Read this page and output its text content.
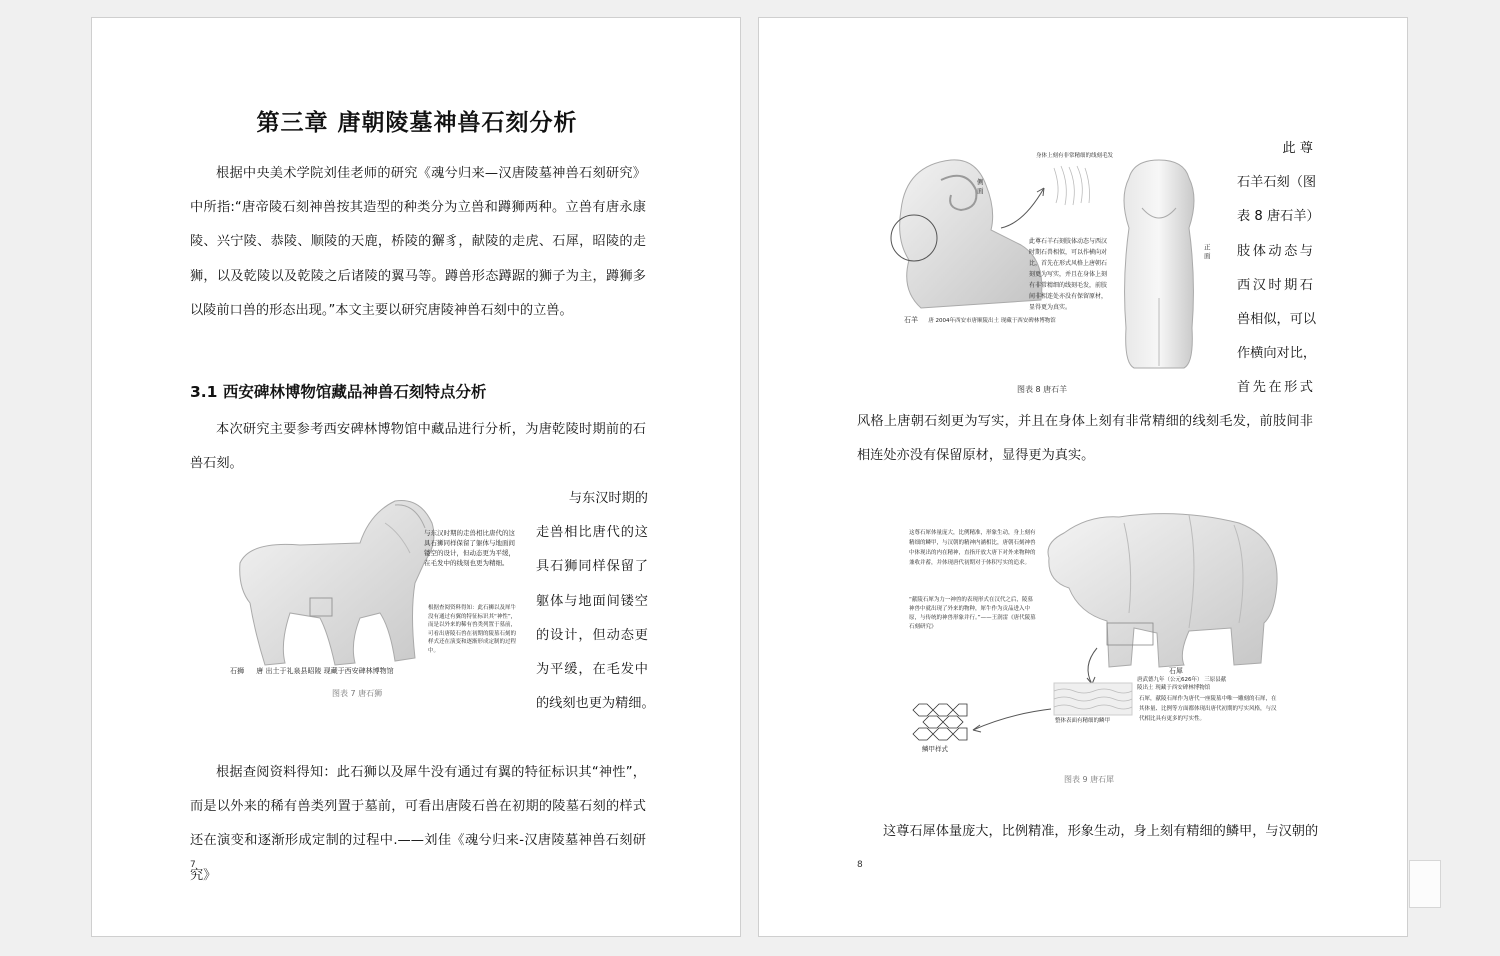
第三章 唐朝陵墓神兽石刻分析
根据中央美术学院刘佳老师的研究《魂兮归来—汉唐陵墓神兽石刻研究》中所指:“唐帝陵石刻神兽按其造型的种类分为立兽和蹲狮两种。立兽有唐永康陵、兴宁陵、恭陵、顺陵的天鹿，桥陵的獬豸，献陵的走虎、石犀，昭陵的走狮，以及乾陵以及乾陵之后诸陵的翼马等。蹲兽形态蹲踞的狮子为主，蹲狮多以陵前口兽的形态出现。”本文主要以研究唐陵神兽石刻中的立兽。
3.1 西安碑林博物馆藏品神兽石刻特点分析
本次研究主要参考西安碑林博物馆中藏品进行分析，为唐乾陵时期前的石兽石刻。
与东汉时期的走兽相比唐代的这具石狮同样保留了躯体与地面间镂空的设计，但动态更为平缓，在毛发中的线刻也更为精细。
根据查阅资料得知：此石狮以及犀牛没有通过有翼的特征标识其“神性”，而是以外来的稀有兽类列置于墓前，可看出唐陵石兽在初期的陵墓石刻的样式还在演变和逐渐形成定制的过程中。
石狮 唐 出土于礼泉县昭陵 现藏于西安碑林博物馆
图表 7 唐石狮
与东汉时期的
走兽相比唐代的这
具石狮同样保留了
躯体与地面间镂空
的设计，但动态更
为平缓，在毛发中
的线刻也更为精细。
根据查阅资料得知：此石狮以及犀牛没有通过有翼的特征标识其“神性”，而是以外来的稀有兽类列置于墓前，可看出唐陵石兽在初期的陵墓石刻的样式还在演变和逐渐形成定制的过程中.——刘佳《魂兮归来-汉唐陵墓神兽石刻研究》
7
侧面
身体上刻有非常精细的线刻毛发
此尊石羊石刻肢体动态与西汉时期石兽相似，可以作横向对比，首先在形式风格上唐朝石刻更为写实，并且在身体上刻有非常精细的线刻毛发，前肢间非相连处亦没有保留原材，显得更为真实。
正面
石羊 唐 2004年西安市唐顺陵出土 现藏于西安碑林博物馆
图表 8 唐石羊
此 尊
石羊石刻（图
表 8 唐石羊）
肢体动态与
西汉时期石
兽相似，可以
作横向对比，
首先在形式
风格上唐朝石刻更为写实，并且在身体上刻有非常精细的线刻毛发，前肢间非相连处亦没有保留原材，显得更为真实。
这尊石犀体量庞大，比例精准，形象生动，身上刻有精细的鳞甲，与汉朝的精神内涵相比，唐朝石刻神兽中体现出的内在精神，直指开放大唐下对外来物种的兼收并蓄，并体现唐代初期对于体积写实的追求。
“献陵石犀为力一神兽的表现形式在汉代之后，陵墓神兽中就出现了外来的物种，犀牛作为贡品进入中原，与传统的神兽形象并行。”——王润雷《唐代陵墓石刻研究》
石犀
唐武德九年（公元626年） 三原县献陵出土 现藏于西安碑林博物馆
整体表面有精细的鳞甲
鳞甲样式
石犀，献陵石犀作为唐代一座陵墓中唯一雕刻的石犀，在其体量、比例等方面都体现出唐代初期的写实风格，与汉代相比具有更多的写实性。
图表 9 唐石犀
这尊石犀体量庞大，比例精准，形象生动，身上刻有精细的鳞甲，与汉朝的
8
